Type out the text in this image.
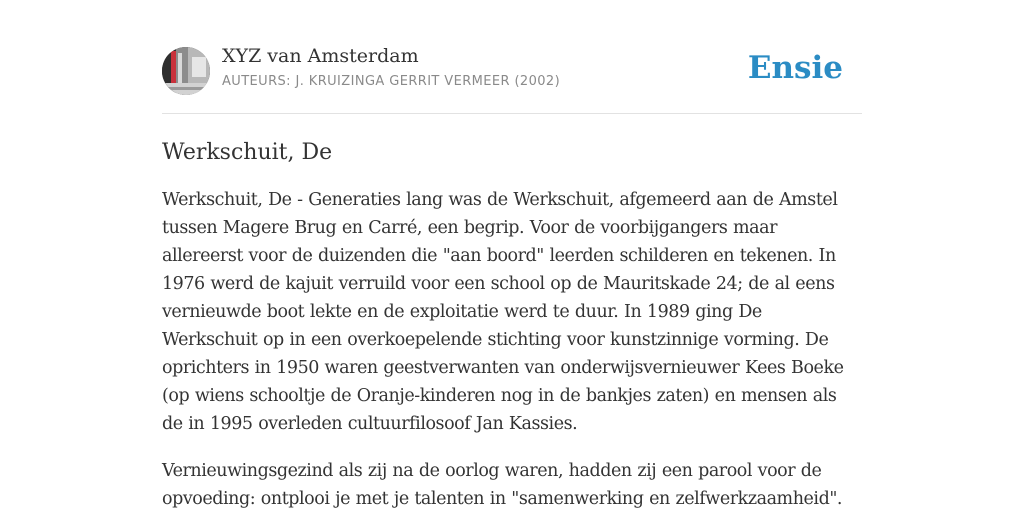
XYZ van Amsterdam
AUTEURS: J. KRUIZINGA GERRIT VERMEER (2002)	Ensie
Werkschuit, De

Werkschuit, De - Generaties lang was de Werkschuit, afgemeerd aan de Amstel tussen Magere Brug en Carré, een begrip. Voor de voorbijgangers maar allereerst voor de duizenden die "aan boord" leerden schilderen en tekenen. In 1976 werd de kajuit verruild voor een school op de Mauritskade 24; de al eens vernieuwde boot lekte en de exploitatie werd te duur. In 1989 ging De Werkschuit op in een overkoepelende stichting voor kunstzinnige vorming. De oprichters in 1950 waren geestverwanten van onderwijsvernieuwer Kees Boeke (op wiens schooltje de Oranje-kinderen nog in de bankjes zaten) en mensen als de in 1995 overleden cultuurfilosoof Jan Kassies.

Vernieuwingsgezind als zij na de oorlog waren, hadden zij een parool voor de opvoeding: ontplooi je met je talenten in "samenwerking en zelfwerkzaamheid".
